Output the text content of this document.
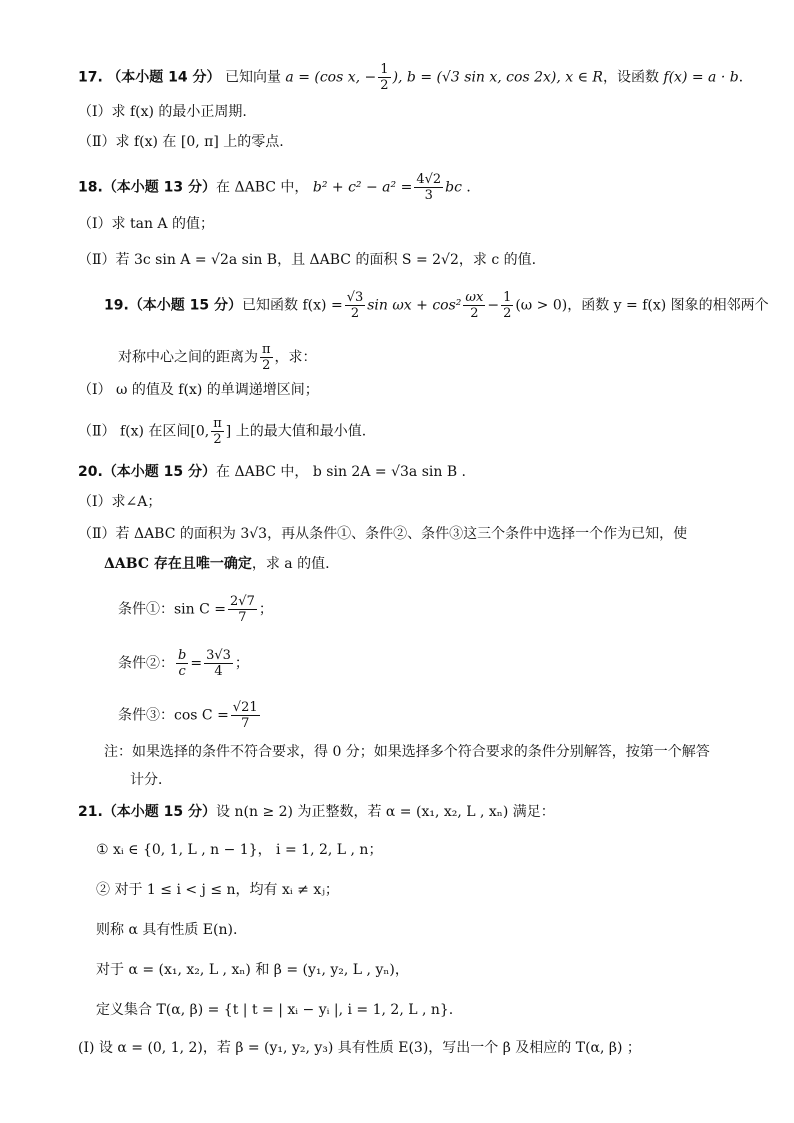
17. （本小题 14 分） 已知向量 a = (cos x, − $\frac{1}{2}$ ), b = (√3 sin x, cos 2x), x ∈ R，设函数 f(x) = a · b．
（Ⅰ）求 f(x) 的最小正周期.
（Ⅱ）求 f(x) 在 [0, π] 上的零点.
18.（本小题 13 分）在 ΔABC 中， $b^2 + c^2 - a^2 = \frac{4√2}{3}$ bc ．
（Ⅰ）求 tan A 的值；
（Ⅱ）若 3c sin A = √2a sin B，且 ΔABC 的面积 S = 2√2，求 c 的值.
19.（本小题 15 分）已知函数 $f(x) = \frac{√3}{2}$ $\sin \omega x + \cos^2 \frac{\omega x}{2} - \frac{1}{2} (\omega > 0)$，函数 y = f(x) 图象的相邻两个
对称中心之间的距离为 $\frac{\pi}{2}$ ，求：
（Ⅰ） ω 的值及 f(x) 的单调递增区间；
（Ⅱ） f(x) 在区间[0, $\frac{\pi}{2}$ ] 上的最大值和最小值.
20.（本小题 15 分）在 ΔABC 中， b sin 2A = √3a sin B .
（Ⅰ）求∠A；
（Ⅱ）若 ΔABC 的面积为 3√3，再从条件①、条件②、条件③这三个条件中选择一个作为已知，使
ΔABC 存在且唯一确定，求 a 的值.
条件①：$\sin C = \frac{2√7}{7}$ ；
条件②： $\frac{b}{c} = \frac{3√3}{4}$ ；
条件③：$\cos C = \frac{√21}{7}$
注：如果选择的条件不符合要求，得 0 分；如果选择多个符合要求的条件分别解答，按第一个解答
计分．
21.（本小题 15 分）设 n(n ≥ 2) 为正整数，若 α = (x₁, x₂, L , xₙ) 满足：
① xᵢ ∈ {0, 1, L , n − 1}， i = 1, 2, L , n；
② 对于 1 ≤ i < j ≤ n，均有 xᵢ ≠ xⱼ；
则称 α 具有性质 E(n).
对于 α = (x₁, x₂, L , xₙ) 和 β = (y₁, y₂, L , yₙ)，
定义集合 T(α, β) = {t | t = | xᵢ − yᵢ |, i = 1, 2, L , n}.
(Ⅰ) 设 α = (0, 1, 2)，若 β = (y₁, y₂, y₃) 具有性质 E(3)，写出一个 β 及相应的 T(α, β) ；
